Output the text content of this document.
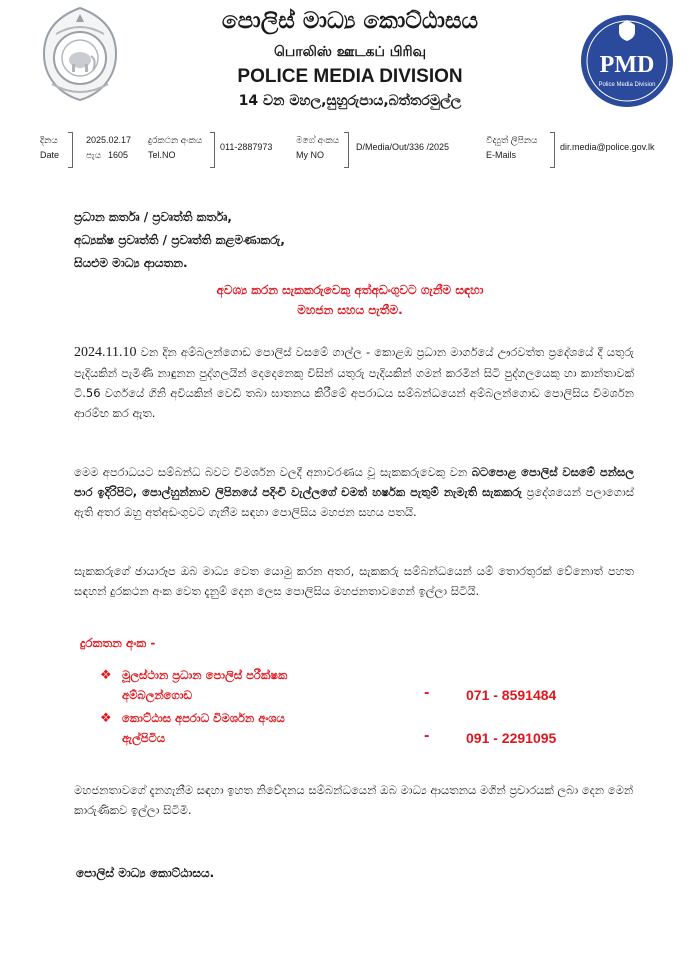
පොලිස් මාධ්‍ය කොට්ඨාසය
பொலிஸ் ஊடகப் பிரிவு
POLICE MEDIA DIVISION
14 වන මහල,සුහුරුපාය,බත්තරමුල්ල
PMD
Police Media Division
දිනය
Date
2025.02.17
පැය 1605
දුරකථන අංකය
Tel.NO
011-2887973
මගේ අංකය
My NO
D/Media/Out/336 /2025
විද්‍යුත් ලිපිනය
E-Mails
dir.media@police.gov.lk
ප්‍රධාන කර්තෘ / ප්‍රවෘත්ති කර්තෘ,
අධ්‍යක්ෂ ප්‍රවෘත්ති / ප්‍රවෘත්ති කළමණාකරු,
සියළුම මාධ්‍ය ආයතන.
අවශ්‍ය කරන සැකකරුවෙකු අත්අඩංගුවට ගැනීම සඳහා
මහජන සහය පැතීම.
2024.11.10 වන දින අම්බලන්ගොඩ පොලිස් වසමේ ගාල්ල - කොළඹ ප්‍රධාන මාර්ගයේ ඌරවත්ත ප්‍රදේශයේ දී යතුරු පැදියකින් පැමිණි නාඳුනන පුද්ගලයින් දෙදෙනෙකු විසින් යතුරු පැදියකින් ගමන් කරමින් සිටි පුද්ගලයෙකු හා කාන්තාවක් ටී.56 වර්ගයේ ගිනි අවියකින් වෙඩි තබා ඝාතනය කිරීමේ අපරාධය සම්බන්ධයෙන් අම්බලන්ගොඩ පොලිසිය විමර්ශන ආරම්භ කර ඇත.
මෙම අපරාධයට සම්බන්ධ බවට විමර්ශන වලදී අනාවරණය වූ සැකකරුවෙකු වන බටපොළ පොලිස් වසමේ පන්සල පාර ඉදිරිපිට, පොල්හුන්නාව ලිපිනයේ පදිංචි වැල්ලගේ චමත් හර්ෂක පැතුම් නැමැති සැකකරු ප්‍රදේශයෙන් පලාගොස් ඇති අතර ඔහු අත්අඩංගුවට ගැනීම සඳහා පොලිසිය මහජන සහය පතයි.
සැකකරුගේ ඡායාරූප ඔබ මාධ්‍ය වෙත යොමු කරන අතර, සැකකරු සම්බන්ධයෙන් යම් තොරතුරක් වේනොත් පහත සඳහන් දුරකථන අංක වෙත දැනුම් දෙන ලෙස පොලිසිය මහජනතාවගෙන් ඉල්ලා සිටියි.
දුරකතන අංක -
❖ මූලස්ථාන ප්‍රධාන පොලිස් පරීක්ෂක
අම්බලන්ගොඩ	-	071 - 8591484
❖ කොට්ඨාස අපරාධ විමර්ශන අංශය
ඇල්පිටිය	-	091 - 2291095
මහජනතාවගේ දැනගැනීම සඳහා ඉහත නිවේදනය සම්බන්ධයෙන් ඔබ මාධ්‍ය ආයතනය මගින් ප්‍රචාරයක් ලබා දෙන මෙන් කාරුණිකව ඉල්ලා සිටිමි.
පොලිස් මාධ්‍ය කොට්ඨාසය.
